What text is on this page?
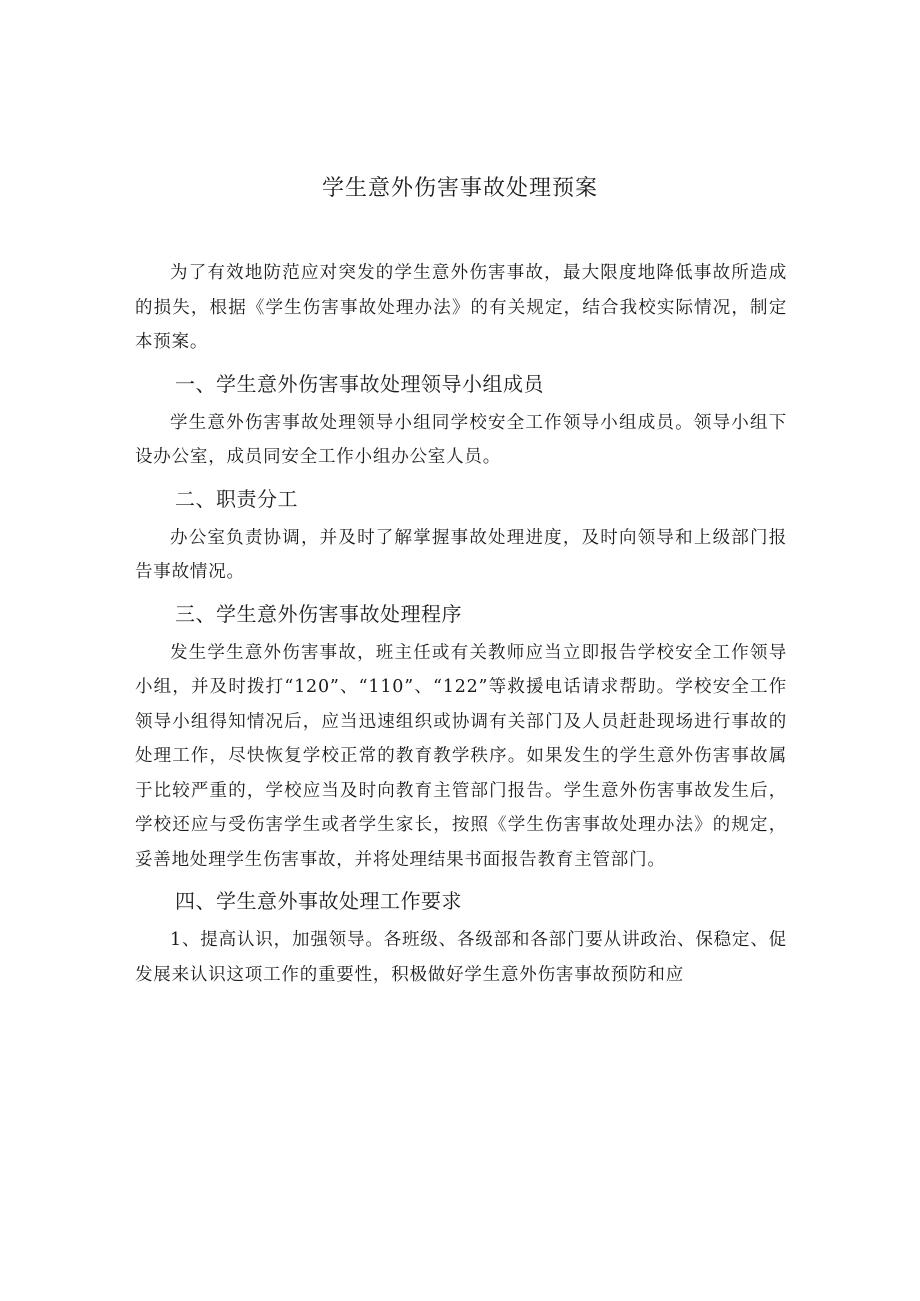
学生意外伤害事故处理预案

为了有效地防范应对突发的学生意外伤害事故，最大限度地降低事故所造成的损失，根据《学生伤害事故处理办法》的有关规定，结合我校实际情况，制定本预案。

一、学生意外伤害事故处理领导小组成员

学生意外伤害事故处理领导小组同学校安全工作领导小组成员。领导小组下设办公室，成员同安全工作小组办公室人员。

二、职责分工

办公室负责协调，并及时了解掌握事故处理进度，及时向领导和上级部门报告事故情况。

三、学生意外伤害事故处理程序

发生学生意外伤害事故，班主任或有关教师应当立即报告学校安全工作领导小组，并及时拨打“120”、“110”、“122”等救援电话请求帮助。学校安全工作领导小组得知情况后，应当迅速组织或协调有关部门及人员赶赴现场进行事故的处理工作，尽快恢复学校正常的教育教学秩序。如果发生的学生意外伤害事故属于比较严重的，学校应当及时向教育主管部门报告。学生意外伤害事故发生后，学校还应与受伤害学生或者学生家长，按照《学生伤害事故处理办法》的规定，妥善地处理学生伤害事故，并将处理结果书面报告教育主管部门。

四、学生意外事故处理工作要求

1、提高认识，加强领导。各班级、各级部和各部门要从讲政治、保稳定、促发展来认识这项工作的重要性，积极做好学生意外伤害事故预防和应
